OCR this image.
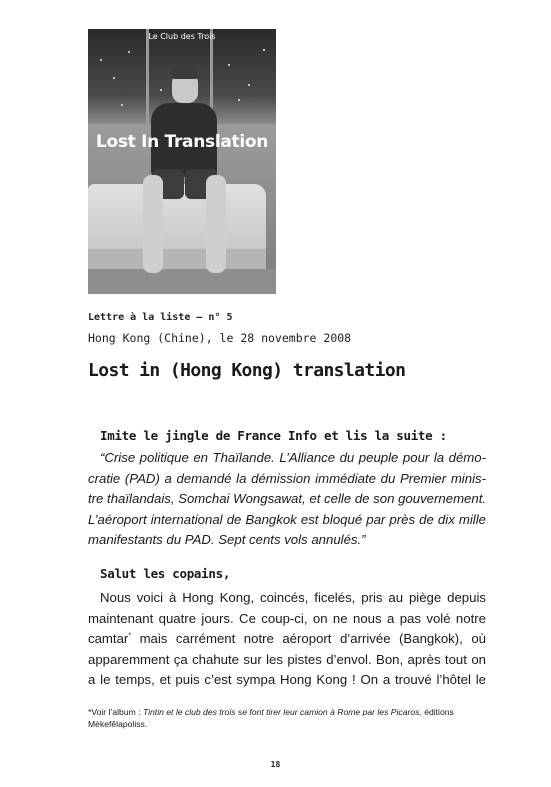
Le Club des Trois
Lost In Translation
Lettre à la liste – n° 5
Hong Kong (Chine), le 28 novembre 2008
Lost in (Hong Kong) translation
Imite le jingle de France Info et lis la suite :
“Crise politique en Thaïlande. L’Alliance du peuple pour la démo-
cratie (PAD) a demandé la démission immédiate du Premier minis-
tre thaïlandais, Somchai Wongsawat, et celle de son gouvernement.
L’aéroport international de Bangkok est bloqué par près de dix mille
manifestants du PAD. Sept cents vols annulés.”
Salut les copains,
Nous voici à Hong Kong, coincés, ficelés, pris au piège depuis
maintenant quatre jours. Ce coup-ci, on ne nous a pas volé notre
camtar* mais carrément notre aéroport d’arrivée (Bangkok), où
apparemment ça chahute sur les pistes d’envol. Bon, après tout on
a le temps, et puis c’est sympa Hong Kong ! On a trouvé l’hôtel le
*Voir l’album : Tintin et le club des trois se font tirer leur camion à Rome par les Picaros, éditions
Mèkefêlapoliss.
18
